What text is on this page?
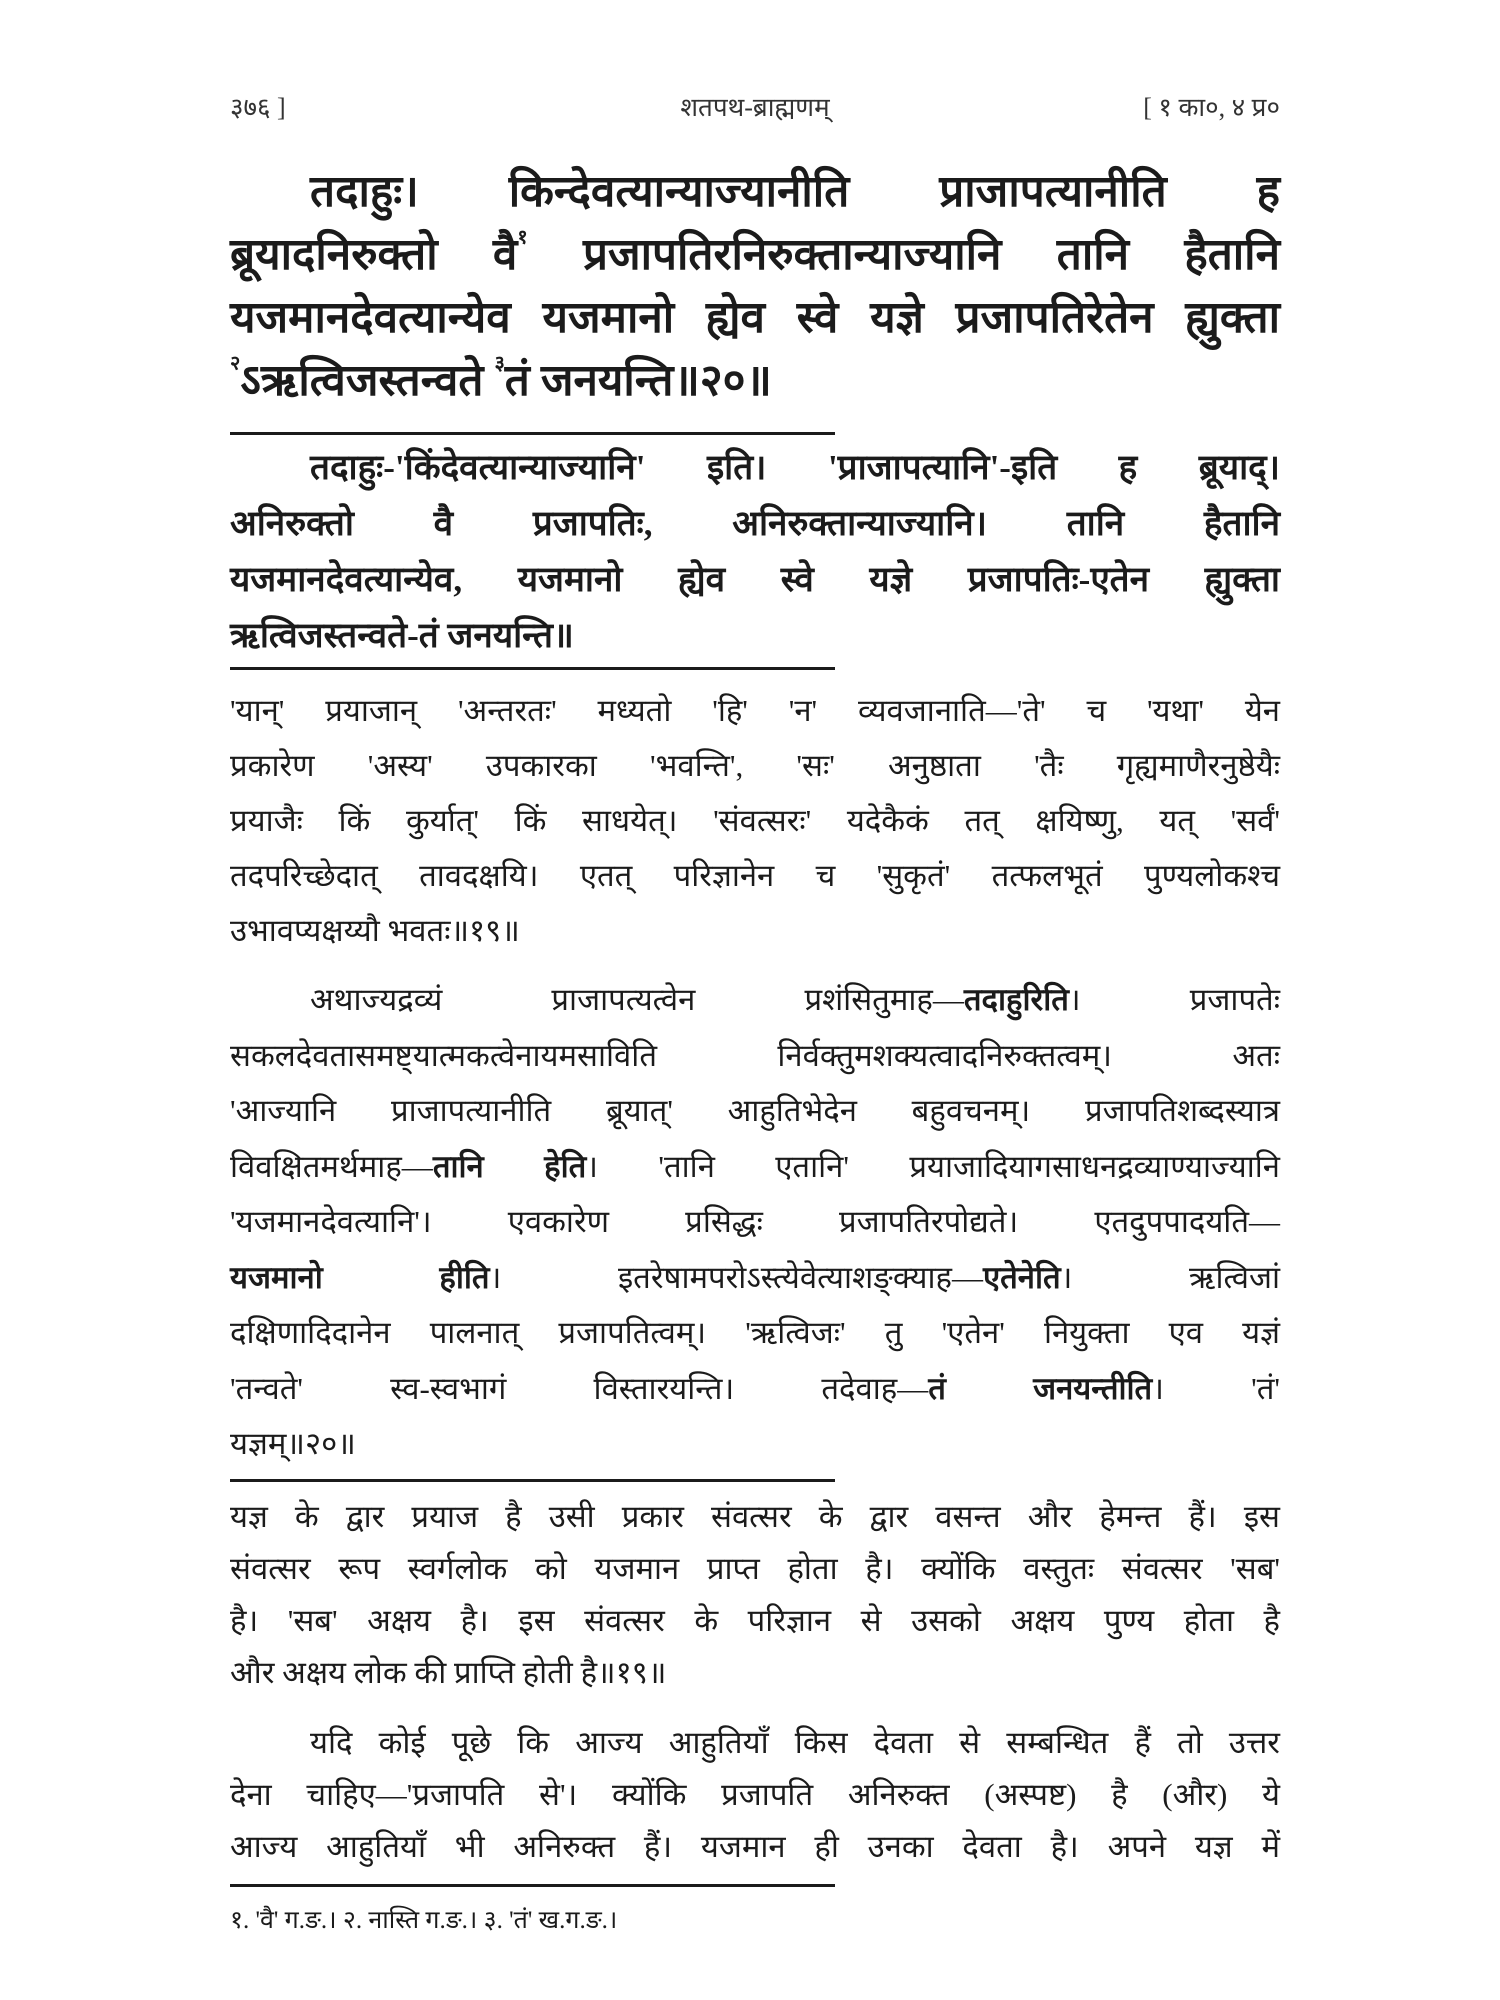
३७६ ]	शतपथ-ब्राह्मणम्	[ १ का०, ४ प्र०
तदाहुः। किन्देवत्यान्याज्यानीति प्राजापत्यानीति ह
ब्रूयादनिरुक्तो वै$^१$ प्रजापतिरनिरुक्तान्याज्यानि तानि हैतानि
यजमानदेवत्यान्येव यजमानो ह्येव स्वे यज्ञे प्रजापतिरेतेन ह्युक्ता
$^२$ऽऋत्विजस्तन्वते $^३$तं जनयन्ति॥२०॥
तदाहुः-'किंदेवत्यान्याज्यानि' इति। 'प्राजापत्यानि'-इति ह ब्रूयाद्।
अनिरुक्तो वै प्रजापतिः, अनिरुक्तान्याज्यानि। तानि हैतानि
यजमानदेवत्यान्येव, यजमानो ह्येव स्वे यज्ञे प्रजापतिः-एतेन ह्युक्ता
ऋत्विजस्तन्वते-तं जनयन्ति॥
'यान्' प्रयाजान् 'अन्तरतः' मध्यतो 'हि' 'न' व्यवजानाति—'ते' च 'यथा' येन
प्रकारेण 'अस्य' उपकारका 'भवन्ति', 'सः' अनुष्ठाता 'तैः गृह्यमाणैरनुष्ठेयैः
प्रयाजैः किं कुर्यात्' किं साधयेत्। 'संवत्सरः' यदेकैकं तत् क्षयिष्णु, यत् 'सर्वं'
तदपरिच्छेदात् तावदक्षयि। एतत् परिज्ञानेन च 'सुकृतं' तत्फलभूतं पुण्यलोकश्च
उभावप्यक्षय्यौ भवतः॥१९॥
अथाज्यद्रव्यं प्राजापत्यत्वेन प्रशंसितुमाह—तदाहुरिति। प्रजापतेः
सकलदेवतासमष्ट्यात्मकत्वेनायमसाविति निर्वक्तुमशक्यत्वादनिरुक्तत्वम्। अतः
'आज्यानि प्राजापत्यानीति ब्रूयात्' आहुतिभेदेन बहुवचनम्। प्रजापतिशब्दस्यात्र
विवक्षितमर्थमाह—तानि हेति। 'तानि एतानि' प्रयाजादियागसाधनद्रव्याण्याज्यानि
'यजमानदेवत्यानि'। एवकारेण प्रसिद्धः प्रजापतिरपोद्यते। एतदुपपादयति—
यजमानो हीति। इतरेषामपरोऽस्त्येवेत्याशङ्क्याह—एतेनेति। ऋत्विजां
दक्षिणादिदानेन पालनात् प्रजापतित्वम्। 'ऋत्विजः' तु 'एतेन' नियुक्ता एव यज्ञं
'तन्वते' स्व-स्वभागं विस्तारयन्ति। तदेवाह—तं जनयन्तीति। 'तं'
यज्ञम्॥२०॥
यज्ञ के द्वार प्रयाज है उसी प्रकार संवत्सर के द्वार वसन्त और हेमन्त हैं। इस
संवत्सर रूप स्वर्गलोक को यजमान प्राप्त होता है। क्योंकि वस्तुतः संवत्सर 'सब'
है। 'सब' अक्षय है। इस संवत्सर के परिज्ञान से उसको अक्षय पुण्य होता है
और अक्षय लोक की प्राप्ति होती है॥१९॥
यदि कोई पूछे कि आज्य आहुतियाँ किस देवता से सम्बन्धित हैं तो उत्तर
देना चाहिए—'प्रजापति से'। क्योंकि प्रजापति अनिरुक्त (अस्पष्ट) है (और) ये
आज्य आहुतियाँ भी अनिरुक्त हैं। यजमान ही उनका देवता है। अपने यज्ञ में
१. 'वै' ग.ङ.। २. नास्ति ग.ङ.। ३. 'तं' ख.ग.ङ.।
